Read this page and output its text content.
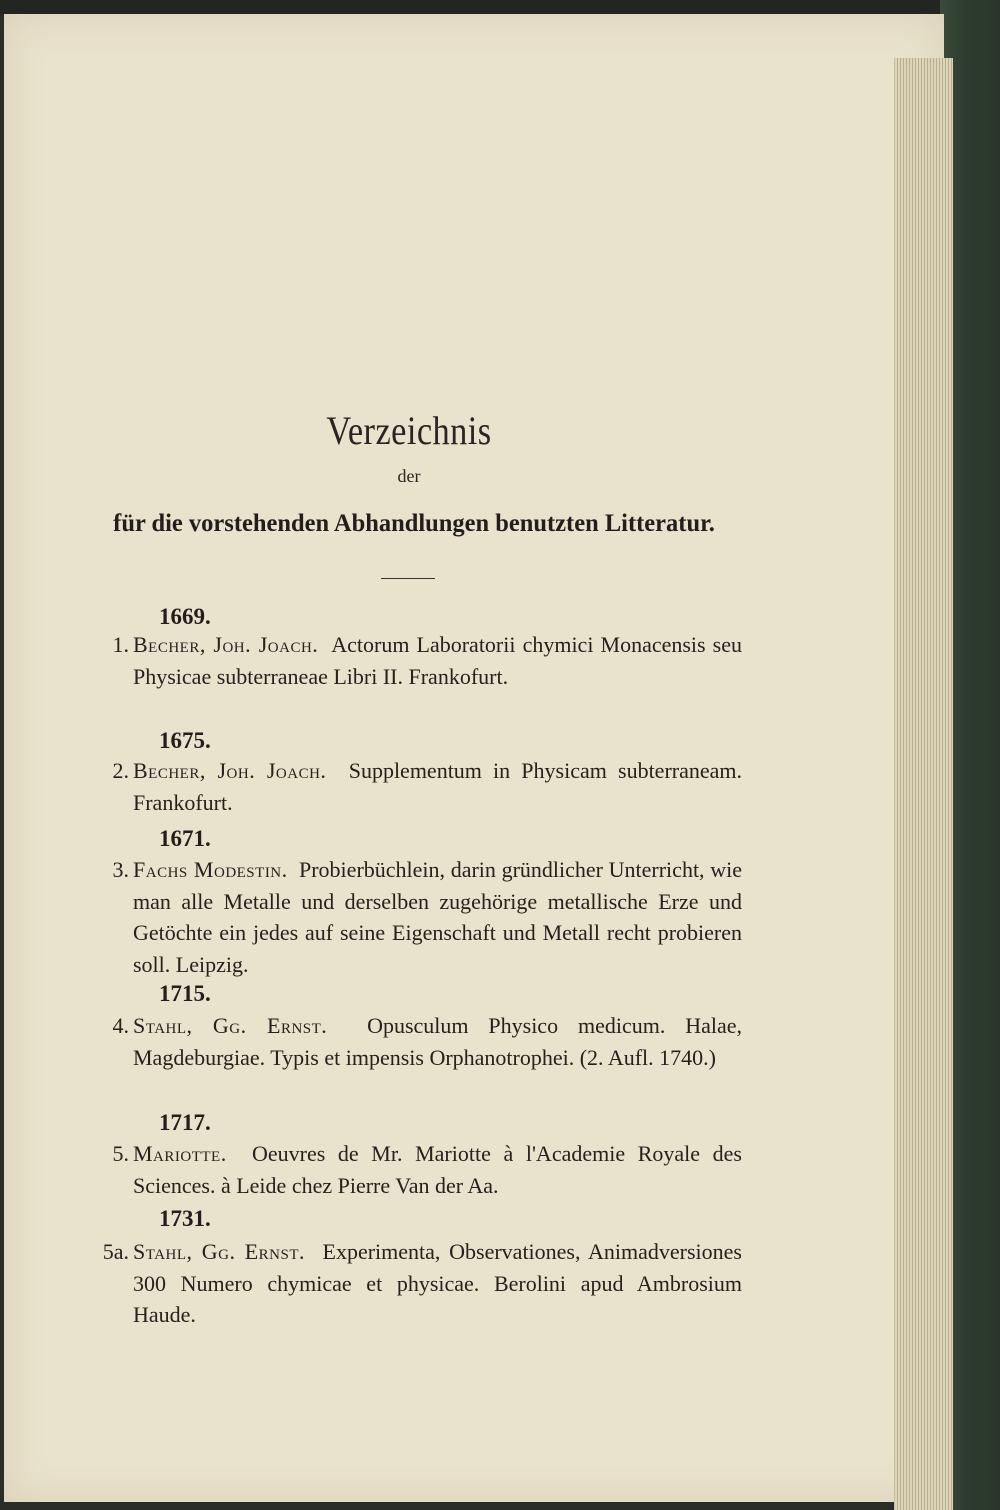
Verzeichnis
der
für die vorstehenden Abhandlungen benutzten Litteratur.
1669.
1. Becher, Joh. Joach. Actorum Laboratorii chymici Monacensis seu Physicae subterraneae Libri II. Frankofurt.
1675.
2. Becher, Joh. Joach. Supplementum in Physicam subterraneam. Frankofurt.
1671.
3. Fachs Modestin. Probierbüchlein, darin gründlicher Unterricht, wie man alle Metalle und derselben zugehörige metallische Erze und Getöchte ein jedes auf seine Eigenschaft und Metall recht probieren soll. Leipzig.
1715.
4. Stahl, Gg. Ernst. Opusculum Physico medicum. Halae, Magdeburgiae. Typis et impensis Orphanotrophei. (2. Aufl. 1740.)
1717.
5. Mariotte. Oeuvres de Mr. Mariotte à l'Academie Royale des Sciences. à Leide chez Pierre Van der Aa.
1731.
5a. Stahl, Gg. Ernst. Experimenta, Observationes, Animadversiones 300 Numero chymicae et physicae. Berolini apud Ambrosium Haude.
